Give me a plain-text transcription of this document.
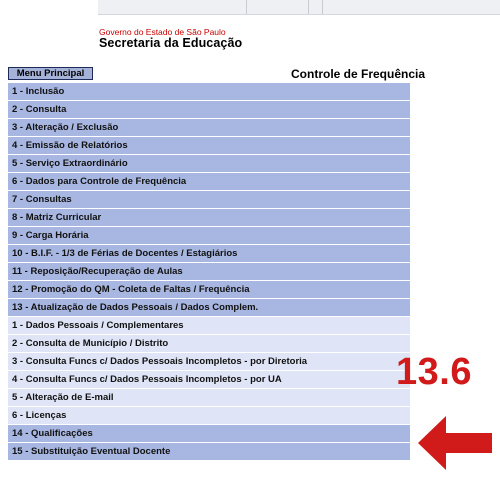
Governo do Estado de São Paulo
Secretaria da Educação
Menu Principal	Controle de Frequência
1 - Inclusão
2 - Consulta
3 - Alteração / Exclusão
4 - Emissão de Relatórios
5 - Serviço Extraordinário
6 - Dados para Controle de Frequência
7 - Consultas
8 - Matriz Curricular
9 - Carga Horária
10 - B.I.F. - 1/3 de Férias de Docentes / Estagiários
11 - Reposição/Recuperação de Aulas
12 - Promoção do QM - Coleta de Faltas / Frequência
13 - Atualização de Dados Pessoais / Dados Complem.
1 - Dados Pessoais / Complementares
2 - Consulta de Município / Distrito
3 - Consulta Funcs c/ Dados Pessoais Incompletos - por Diretoria
4 - Consulta Funcs c/ Dados Pessoais Incompletos - por UA
5 - Alteração de E-mail
6 - Licenças
14 - Qualificações
15 - Substituição Eventual Docente
13.6
